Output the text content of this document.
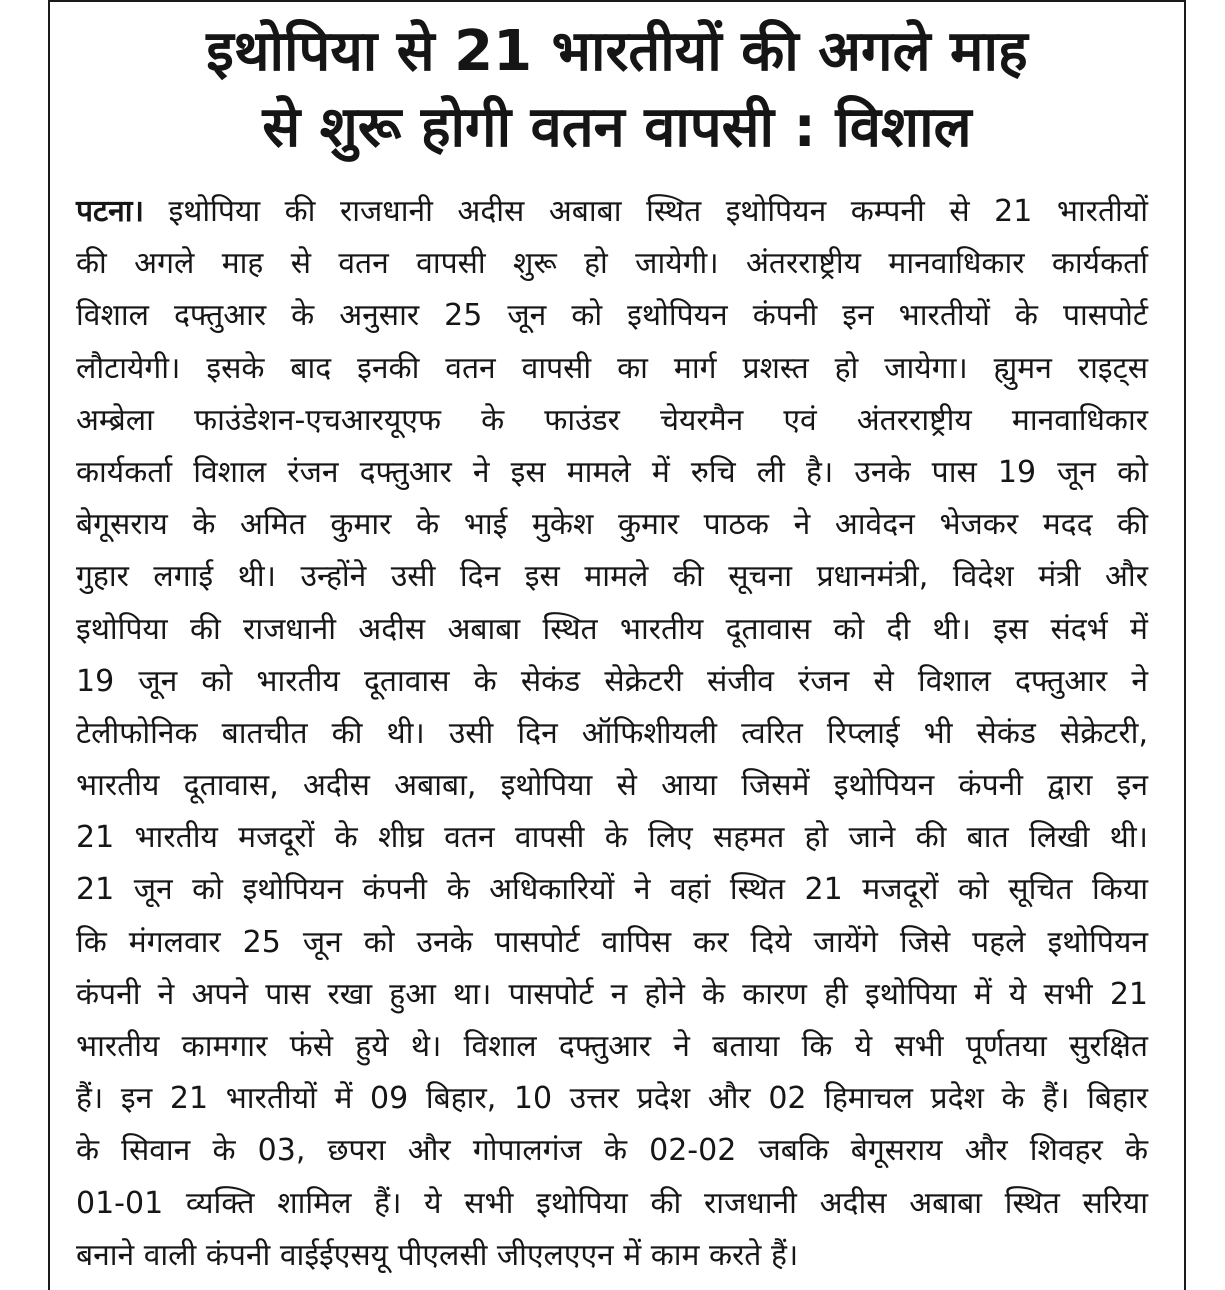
इथोपिया से 21 भारतीयों की अगले माह
से शुरू होगी वतन वापसी : विशाल
पटना। इथोपिया की राजधानी अदीस अबाबा स्थित इथोपियन कम्पनी से 21 भारतीयों
की अगले माह से वतन वापसी शुरू हो जायेगी। अंतरराष्ट्रीय मानवाधिकार कार्यकर्ता
विशाल दफ्तुआर के अनुसार 25 जून को इथोपियन कंपनी इन भारतीयों के पासपोर्ट
लौटायेगी। इसके बाद इनकी वतन वापसी का मार्ग प्रशस्त हो जायेगा। ह्युमन राइट्स
अम्ब्रेला फाउंडेशन-एचआरयूएफ के फाउंडर चेयरमैन एवं अंतरराष्ट्रीय मानवाधिकार
कार्यकर्ता विशाल रंजन दफ्तुआर ने इस मामले में रुचि ली है। उनके पास 19 जून को
बेगूसराय के अमित कुमार के भाई मुकेश कुमार पाठक ने आवेदन भेजकर मदद की
गुहार लगाई थी। उन्होंने उसी दिन इस मामले की सूचना प्रधानमंत्री, विदेश मंत्री और
इथोपिया की राजधानी अदीस अबाबा स्थित भारतीय दूतावास को दी थी। इस संदर्भ में
19 जून को भारतीय दूतावास के सेकंड सेक्रेटरी संजीव रंजन से विशाल दफ्तुआर ने
टेलीफोनिक बातचीत की थी। उसी दिन ऑफिशीयली त्वरित रिप्लाई भी सेकंड सेक्रेटरी,
भारतीय दूतावास, अदीस अबाबा, इथोपिया से आया जिसमें इथोपियन कंपनी द्वारा इन
21 भारतीय मजदूरों के शीघ्र वतन वापसी के लिए सहमत हो जाने की बात लिखी थी।
21 जून को इथोपियन कंपनी के अधिकारियों ने वहां स्थित 21 मजदूरों को सूचित किया
कि मंगलवार 25 जून को उनके पासपोर्ट वापिस कर दिये जायेंगे जिसे पहले इथोपियन
कंपनी ने अपने पास रखा हुआ था। पासपोर्ट न होने के कारण ही इथोपिया में ये सभी 21
भारतीय कामगार फंसे हुये थे। विशाल दफ्तुआर ने बताया कि ये सभी पूर्णतया सुरक्षित
हैं। इन 21 भारतीयों में 09 बिहार, 10 उत्तर प्रदेश और 02 हिमाचल प्रदेश के हैं। बिहार
के सिवान के 03, छपरा और गोपालगंज के 02-02 जबकि बेगूसराय और शिवहर के
01-01 व्यक्ति शामिल हैं। ये सभी इथोपिया की राजधानी अदीस अबाबा स्थित सरिया
बनाने वाली कंपनी वाईईएसयू पीएलसी जीएलएएन में काम करते हैं।
